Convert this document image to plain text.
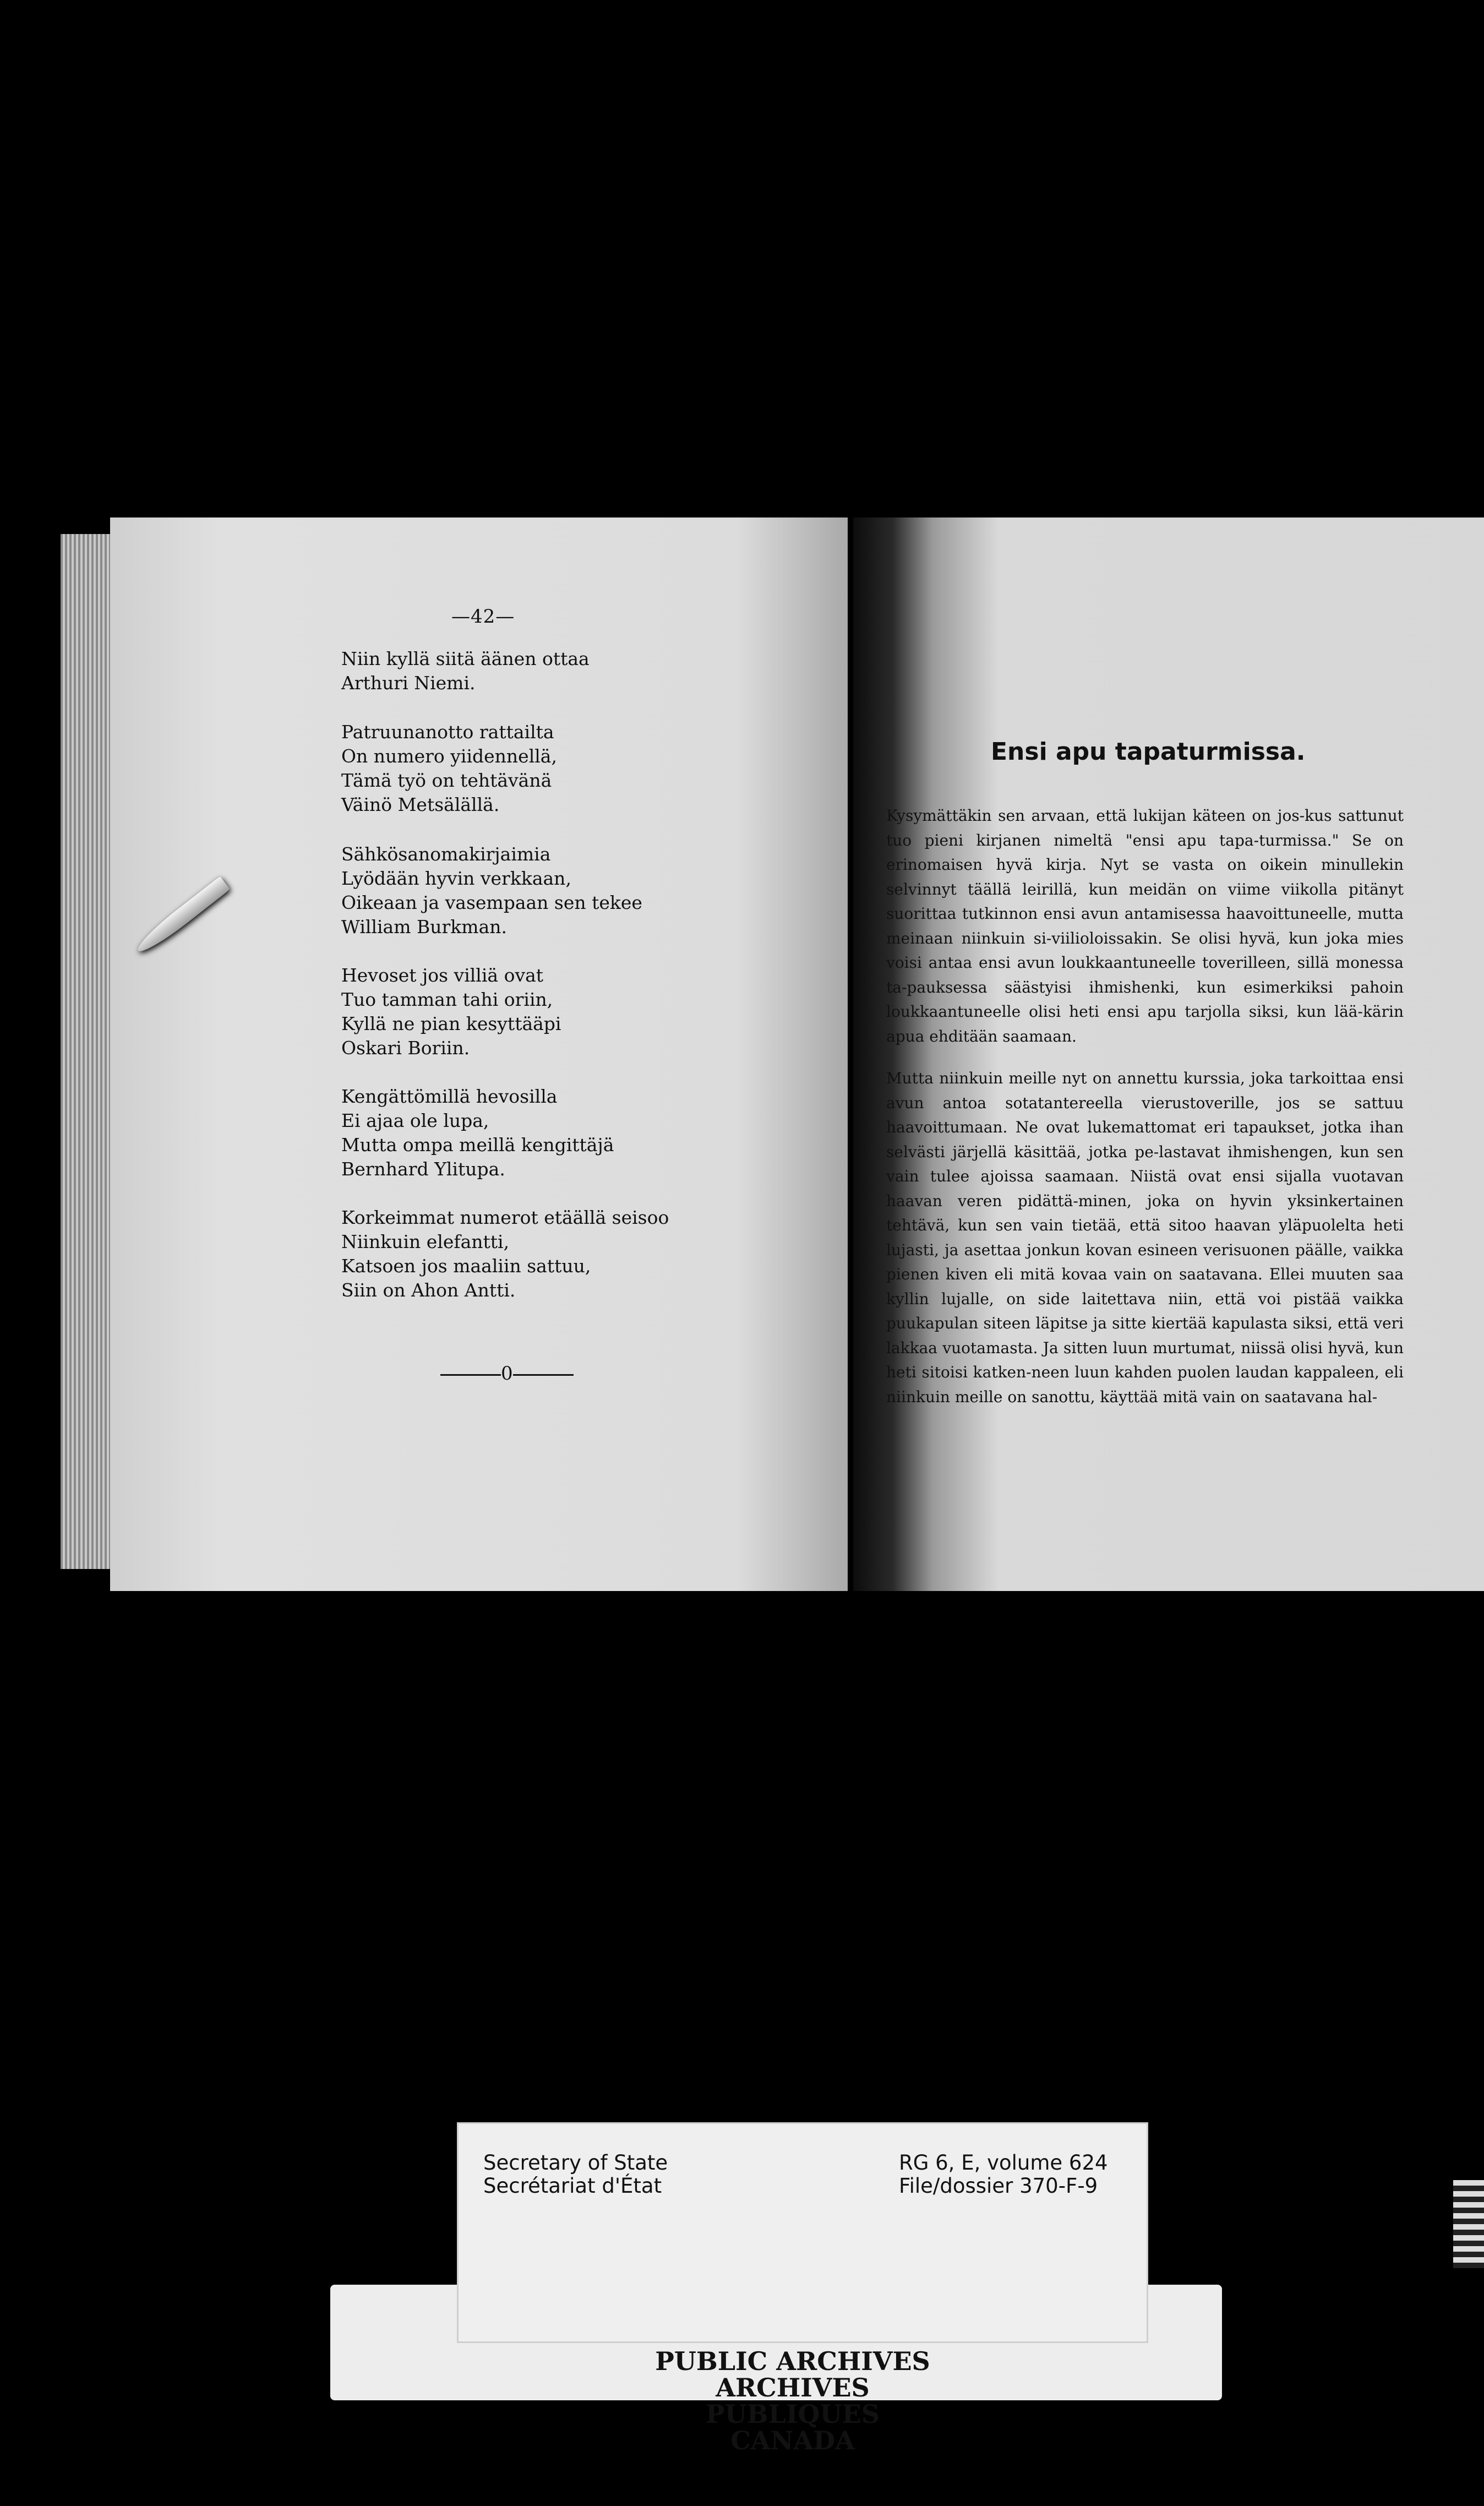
—42—
Niin kyllä siitä äänen ottaa
Arthuri Niemi.
Patruunanotto rattailta
On numero yiidennellä,
Tämä työ on tehtävänä
Väinö Metsälällä.
Sähkösanomakirjaimia
Lyödään hyvin verkkaan,
Oikeaan ja vasempaan sen tekee
William Burkman.
Hevoset jos villiä ovat
Tuo tamman tahi oriin,
Kyllä ne pian kesyttääpi
Oskari Boriin.
Kengättömillä hevosilla
Ei ajaa ole lupa,
Mutta ompa meillä kengittäjä
Bernhard Ylitupa.
Korkeimmat numerot etäällä seisoo
Niinkuin elefantti,
Katsoen jos maaliin sattuu,
Siin on Ahon Antti.
0
Ensi apu tapaturmissa.

Kysymättäkin sen arvaan, että lukijan käteen on jos-kus sattunut tuo pieni kirjanen nimeltä "ensi apu tapa-turmissa." Se on erinomaisen hyvä kirja. Nyt se vasta on oikein minullekin selvinnyt täällä leirillä, kun meidän on viime viikolla pitänyt suorittaa tutkinnon ensi avun antamisessa haavoittuneelle, mutta meinaan niinkuin si-viilioloissakin. Se olisi hyvä, kun joka mies voisi antaa ensi avun loukkaantuneelle toverilleen, sillä monessa ta-pauksessa säästyisi ihmishenki, kun esimerkiksi pahoin loukkaantuneelle olisi heti ensi apu tarjolla siksi, kun lää-kärin apua ehditään saamaan.

Mutta niinkuin meille nyt on annettu kurssia, joka tarkoittaa ensi avun antoa sotatantereella vierustoverille, jos se sattuu haavoittumaan. Ne ovat lukemattomat eri tapaukset, jotka ihan selvästi järjellä käsittää, jotka pe-lastavat ihmishengen, kun sen vain tulee ajoissa saamaan. Niistä ovat ensi sijalla vuotavan haavan veren pidättä-minen, joka on hyvin yksinkertainen tehtävä, kun sen vain tietää, että sitoo haavan yläpuolelta heti lujasti, ja asettaa jonkun kovan esineen verisuonen päälle, vaikka pienen kiven eli mitä kovaa vain on saatavana. Ellei muuten saa kyllin lujalle, on side laitettava niin, että voi pistää vaikka puukapulan siteen läpitse ja sitte kiertää kapulasta siksi, että veri lakkaa vuotamasta. Ja sitten luun murtumat, niissä olisi hyvä, kun heti sitoisi katken-neen luun kahden puolen laudan kappaleen, eli niinkuin meille on sanottu, käyttää mitä vain on saatavana hal-

PUBLIC ARCHIVES
ARCHIVES PUBLIQUES
CANADA
Secretary of State
Secrétariat d'État
RG 6, E, volume 624
File/dossier 370-F-9
